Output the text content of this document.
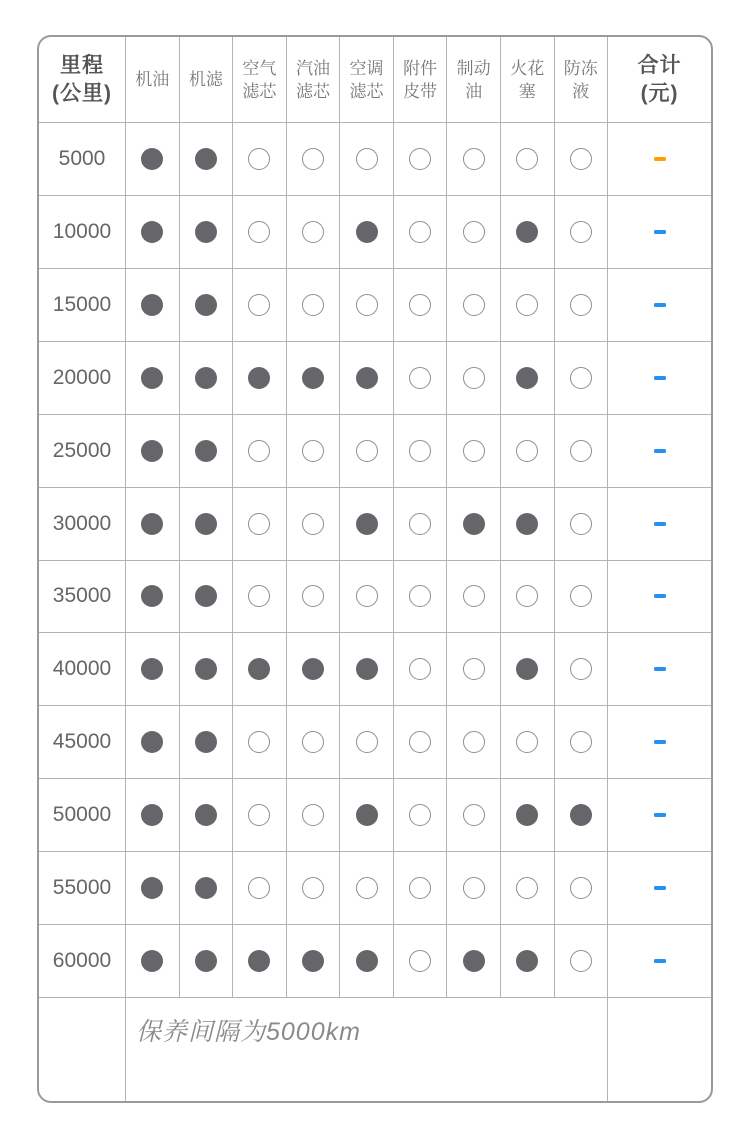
里程
(公里)
机油 机滤
空气
滤芯
汽油
滤芯
空调
滤芯
附件
皮带
制动
油
火花
塞
防冻
液
合计
(元)
5000
10000
15000
20000
25000
30000
35000
40000
45000
50000
55000
60000
保养间隔为5000km
